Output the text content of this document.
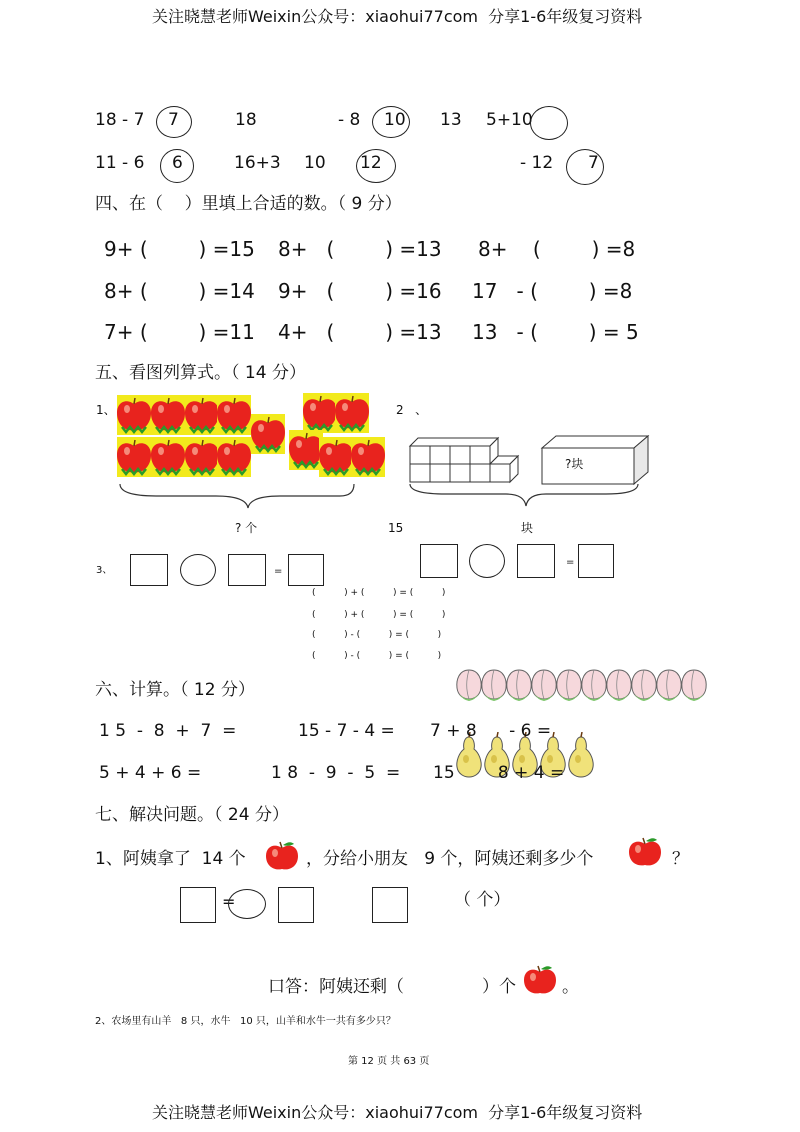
关注晓慧老师Weixin公众号：xiaohui77com  分享1-6年级复习资料
关注晓慧老师Weixin公众号：xiaohui77com  分享1-6年级复习资料
18 - 7 7	18	- 8 10 13 5+10
11 - 6 6	16+3 10 12	- 12 7
四、在（    ）里填上合适的数。（ 9 分）
9+ (        ) =15 8+   (        ) =13 8+    (        ) =8
8+ (        ) =14 9+   (        ) =16 17   - (        ) =8
7+ (        ) =11 4+   (        ) =13 13   - (        ) = 5
五、看图列算式。（ 14 分）
1、	2   、
?块
? 个	15	块
3、	=
=
(          ) + (          ) = (          )
(          ) + (          ) = (          )
(          ) - (          ) = (          )
(          ) - (          ) = (          )
六、计算。（ 12 分）
1 5  -  8  +  7  =	15 - 7 - 4 = 7 + 8      - 6 =
5 + 4 + 6 =	1 8  -  9  -  5  = 15        8 + 4 =
七、解决问题。（ 24 分）
1、阿姨拿了  14 个	，分给小朋友   9 个，阿姨还剩多少个	？
=	（ 个）
口答：阿姨还剩（	）个	。
2、农场里有山羊   8 只，水牛   10 只，山羊和水牛一共有多少只？
第 12 页 共 63 页
